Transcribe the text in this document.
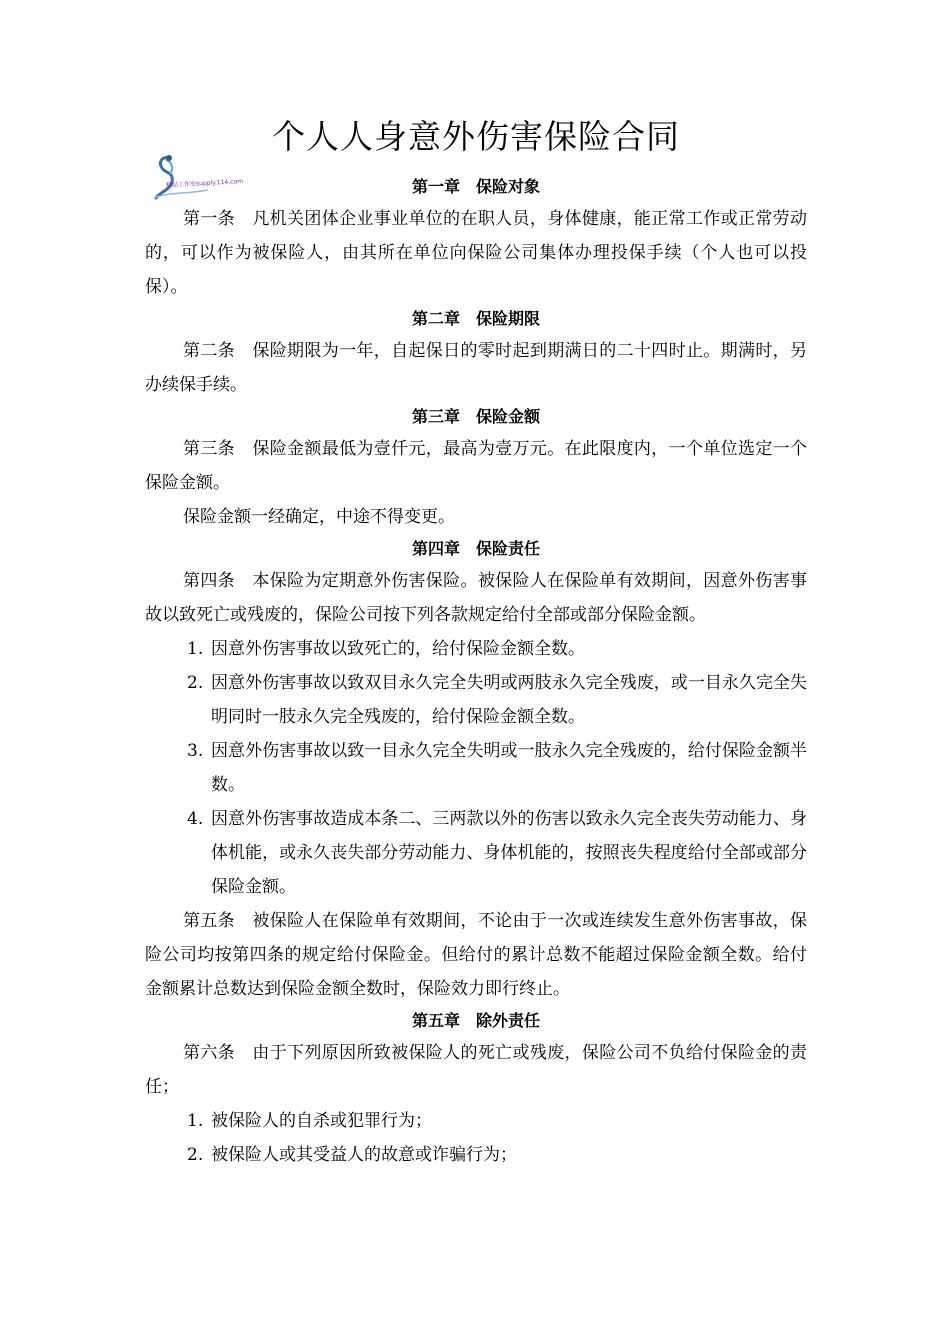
精品工作室supply.114.com
个人人身意外伤害保险合同
第一章　保险对象

第一条　凡机关团体企业事业单位的在职人员，身体健康，能正常工作或正常劳动的，可以作为被保险人，由其所在单位向保险公司集体办理投保手续（个人也可以投保）。

第二章　保险期限

第二条　保险期限为一年，自起保日的零时起到期满日的二十四时止。期满时，另办续保手续。

第三章　保险金额

第三条　保险金额最低为壹仟元，最高为壹万元。在此限度内，一个单位选定一个保险金额。

保险金额一经确定，中途不得变更。

第四章　保险责任

第四条　本保险为定期意外伤害保险。被保险人在保险单有效期间，因意外伤害事故以致死亡或残废的，保险公司按下列各款规定给付全部或部分保险金额。

1. 因意外伤害事故以致死亡的，给付保险金额全数。
2. 因意外伤害事故以致双目永久完全失明或两肢永久完全残废，或一目永久完全失明同时一肢永久完全残废的，给付保险金额全数。
3. 因意外伤害事故以致一目永久完全失明或一肢永久完全残废的，给付保险金额半数。
4. 因意外伤害事故造成本条二、三两款以外的伤害以致永久完全丧失劳动能力、身体机能，或永久丧失部分劳动能力、身体机能的，按照丧失程度给付全部或部分保险金额。

第五条　被保险人在保险单有效期间，不论由于一次或连续发生意外伤害事故，保险公司均按第四条的规定给付保险金。但给付的累计总数不能超过保险金额全数。给付金额累计总数达到保险金额全数时，保险效力即行终止。

第五章　除外责任

第六条　由于下列原因所致被保险人的死亡或残废，保险公司不负给付保险金的责任；

1. 被保险人的自杀或犯罪行为；
2. 被保险人或其受益人的故意或诈骗行为；
